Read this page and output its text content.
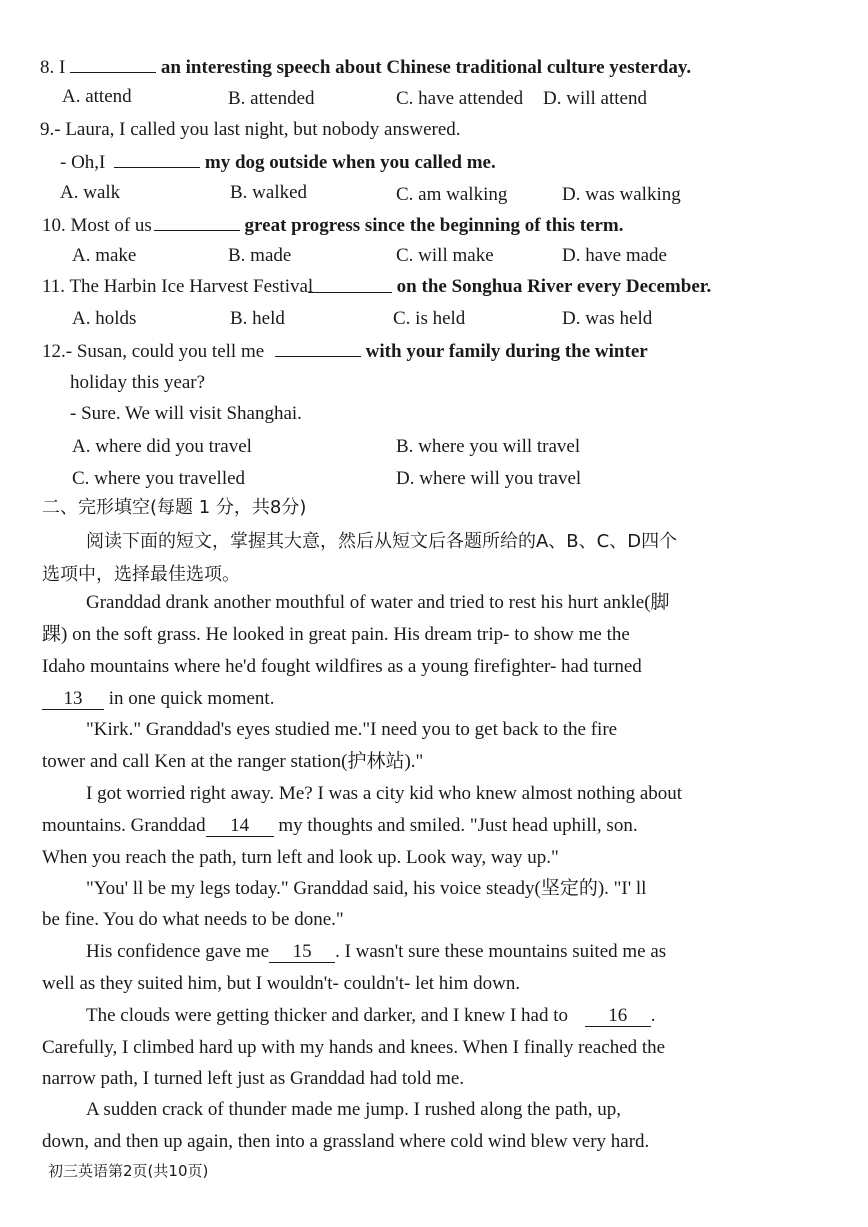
8. I	an interesting speech about Chinese traditional culture yesterday.
A. attend	B. attended	C. have attended D. will attend
9.- Laura, I called you last night, but nobody answered.
- Oh,I	my dog outside when you called me.
A. walk	B. walked	C. am walking	D. was walking
10. Most of us	great progress since the beginning of this term.
A. make	B. made	C. will make	D. have made
11. The Harbin Ice Harvest Festival	on the Songhua River every December.
A. holds	B. held	C. is held	D. was held
12.- Susan, could you tell me	with your family during the winter
holiday this year?
- Sure. We will visit Shanghai.
A. where did you travel	B. where you will travel
C. where you travelled	D. where will you travel
二、完形填空(每题 1 分，共8分)
阅读下面的短文，掌握其大意，然后从短文后各题所给的A、B、C、D四个
选项中，选择最佳选项。
Granddad drank another mouthful of water and tried to rest his hurt ankle(脚
踝) on the soft grass. He looked in great pain. His dream trip- to show me the
Idaho mountains where he'd fought wildfires as a young firefighter- had turned
13 in one quick moment.
"Kirk." Granddad's eyes studied me."I need you to get back to the fire
tower and call Ken at the ranger station(护林站)."
I got worried right away. Me? I was a city kid who knew almost nothing about
mountains. Granddad 14 my thoughts and smiled. "Just head uphill, son.
When you reach the path, turn left and look up. Look way, way up."
"You' ll be my legs today." Granddad said, his voice steady(坚定的). "I' ll
be fine. You do what needs to be done."
His confidence gave me 15 . I wasn't sure these mountains suited me as
well as they suited him, but I wouldn't- couldn't- let him down.
The clouds were getting thicker and darker, and I knew I had to 16 .
Carefully, I climbed hard up with my hands and knees. When I finally reached the
narrow path, I turned left just as Granddad had told me.
A sudden crack of thunder made me jump. I rushed along the path, up,
down, and then up again, then into a grassland where cold wind blew very hard.
初三英语第2页(共10页)
